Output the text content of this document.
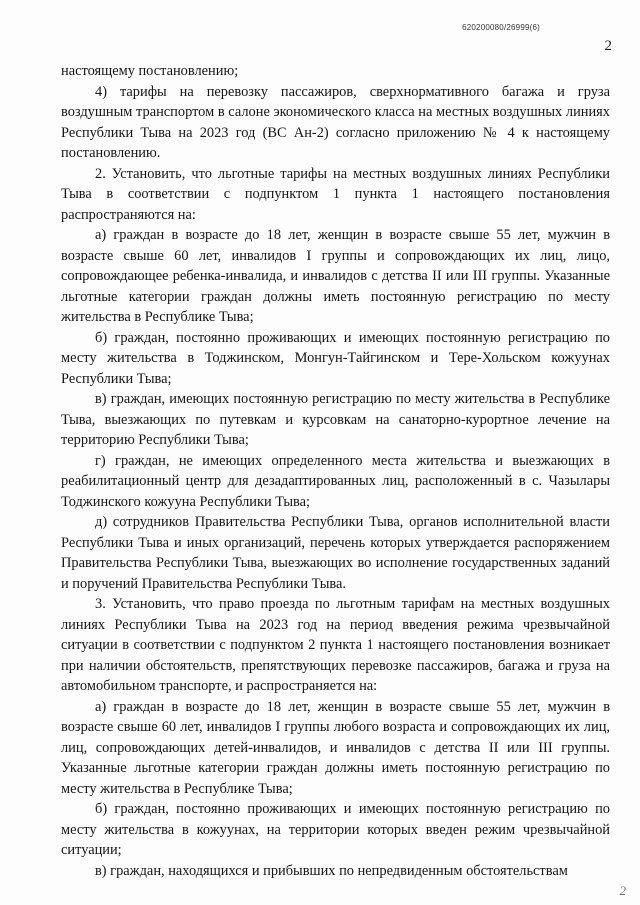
620200080/26999(6)
2

настоящему постановлению;

4) тарифы на перевозку пассажиров, сверхнормативного багажа и груза воздушным транспортом в салоне экономического класса на местных воздушных линиях Республики Тыва на 2023 год (ВС Ан-2) согласно приложению № 4 к настоящему постановлению.

2. Установить, что льготные тарифы на местных воздушных линиях Республики Тыва в соответствии с подпунктом 1 пункта 1 настоящего постановления распространяются на:

а) граждан в возрасте до 18 лет, женщин в возрасте свыше 55 лет, мужчин в возрасте свыше 60 лет, инвалидов I группы и сопровождающих их лиц, лицо, сопровождающее ребенка-инвалида, и инвалидов с детства II или III группы. Указанные льготные категории граждан должны иметь постоянную регистрацию по месту жительства в Республике Тыва;

б) граждан, постоянно проживающих и имеющих постоянную регистрацию по месту жительства в Тоджинском, Монгун-Тайгинском и Тере-Хольском кожуунах Республики Тыва;

в) граждан, имеющих постоянную регистрацию по месту жительства в Республике Тыва, выезжающих по путевкам и курсовкам на санаторно-курортное лечение на территорию Республики Тыва;

г) граждан, не имеющих определенного места жительства и выезжающих в реабилитационный центр для дезадаптированных лиц, расположенный в с. Чазылары Тоджинского кожууна Республики Тыва;

д) сотрудников Правительства Республики Тыва, органов исполнительной власти Республики Тыва и иных организаций, перечень которых утверждается распоряжением Правительства Республики Тыва, выезжающих во исполнение государственных заданий и поручений Правительства Республики Тыва.

3. Установить, что право проезда по льготным тарифам на местных воздушных линиях Республики Тыва на 2023 год на период введения режима чрезвычайной ситуации в соответствии с подпунктом 2 пункта 1 настоящего постановления возникает при наличии обстоятельств, препятствующих перевозке пассажиров, багажа и груза на автомобильном транспорте, и распространяется на:

а) граждан в возрасте до 18 лет, женщин в возрасте свыше 55 лет, мужчин в возрасте свыше 60 лет, инвалидов I группы любого возраста и сопровождающих их лиц, лиц, сопровождающих детей-инвалидов, и инвалидов с детства II или III группы. Указанные льготные категории граждан должны иметь постоянную регистрацию по месту жительства в Республике Тыва;

б) граждан, постоянно проживающих и имеющих постоянную регистрацию по месту жительства в кожуунах, на территории которых введен режим чрезвычайной ситуации;

в) граждан, находящихся и прибывших по непредвиденным обстоятельствам

2
